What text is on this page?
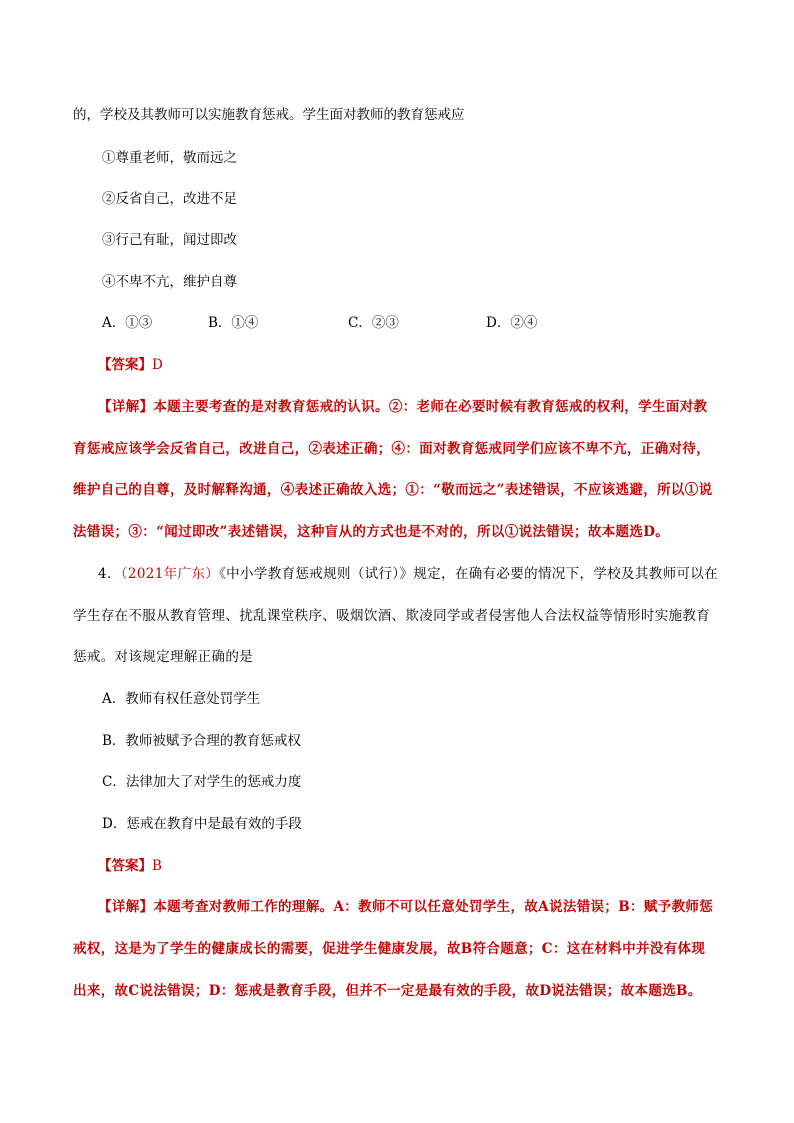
的，学校及其教师可以实施教育惩戒。学生面对教师的教育惩戒应
①尊重老师，敬而远之
②反省自己，改进不足
③行己有耻，闻过即改
④不卑不亢，维护自尊
A．①③	B．①④	C．②③	D．②④
【答案】D
【详解】本题主要考查的是对教育惩戒的认识。②：老师在必要时候有教育惩戒的权利，学生面对教
育惩戒应该学会反省自己，改进自己，②表述正确；④：面对教育惩戒同学们应该不卑不亢，正确对待，
维护自己的自尊，及时解释沟通，④表述正确故入选；①：“敬而远之”表述错误，不应该逃避，所以①说
法错误；③：“闻过即改”表述错误，这种盲从的方式也是不对的，所以①说法错误；故本题选D。
4．（2021年广东）《中小学教育惩戒规则（试行）》规定，在确有必要的情况下，学校及其教师可以在
学生存在不服从教育管理、扰乱课堂秩序、吸烟饮酒、欺凌同学或者侵害他人合法权益等情形时实施教育
惩戒。对该规定理解正确的是
A．教师有权任意处罚学生
B．教师被赋予合理的教育惩戒权
C．法律加大了对学生的惩戒力度
D．惩戒在教育中是最有效的手段
【答案】B
【详解】本题考查对教师工作的理解。A：教师不可以任意处罚学生，故A说法错误；B：赋予教师惩
戒权，这是为了学生的健康成长的需要，促进学生健康发展，故B符合题意；C：这在材料中并没有体现
出来，故C说法错误；D：惩戒是教育手段，但并不一定是最有效的手段，故D说法错误；故本题选B。
